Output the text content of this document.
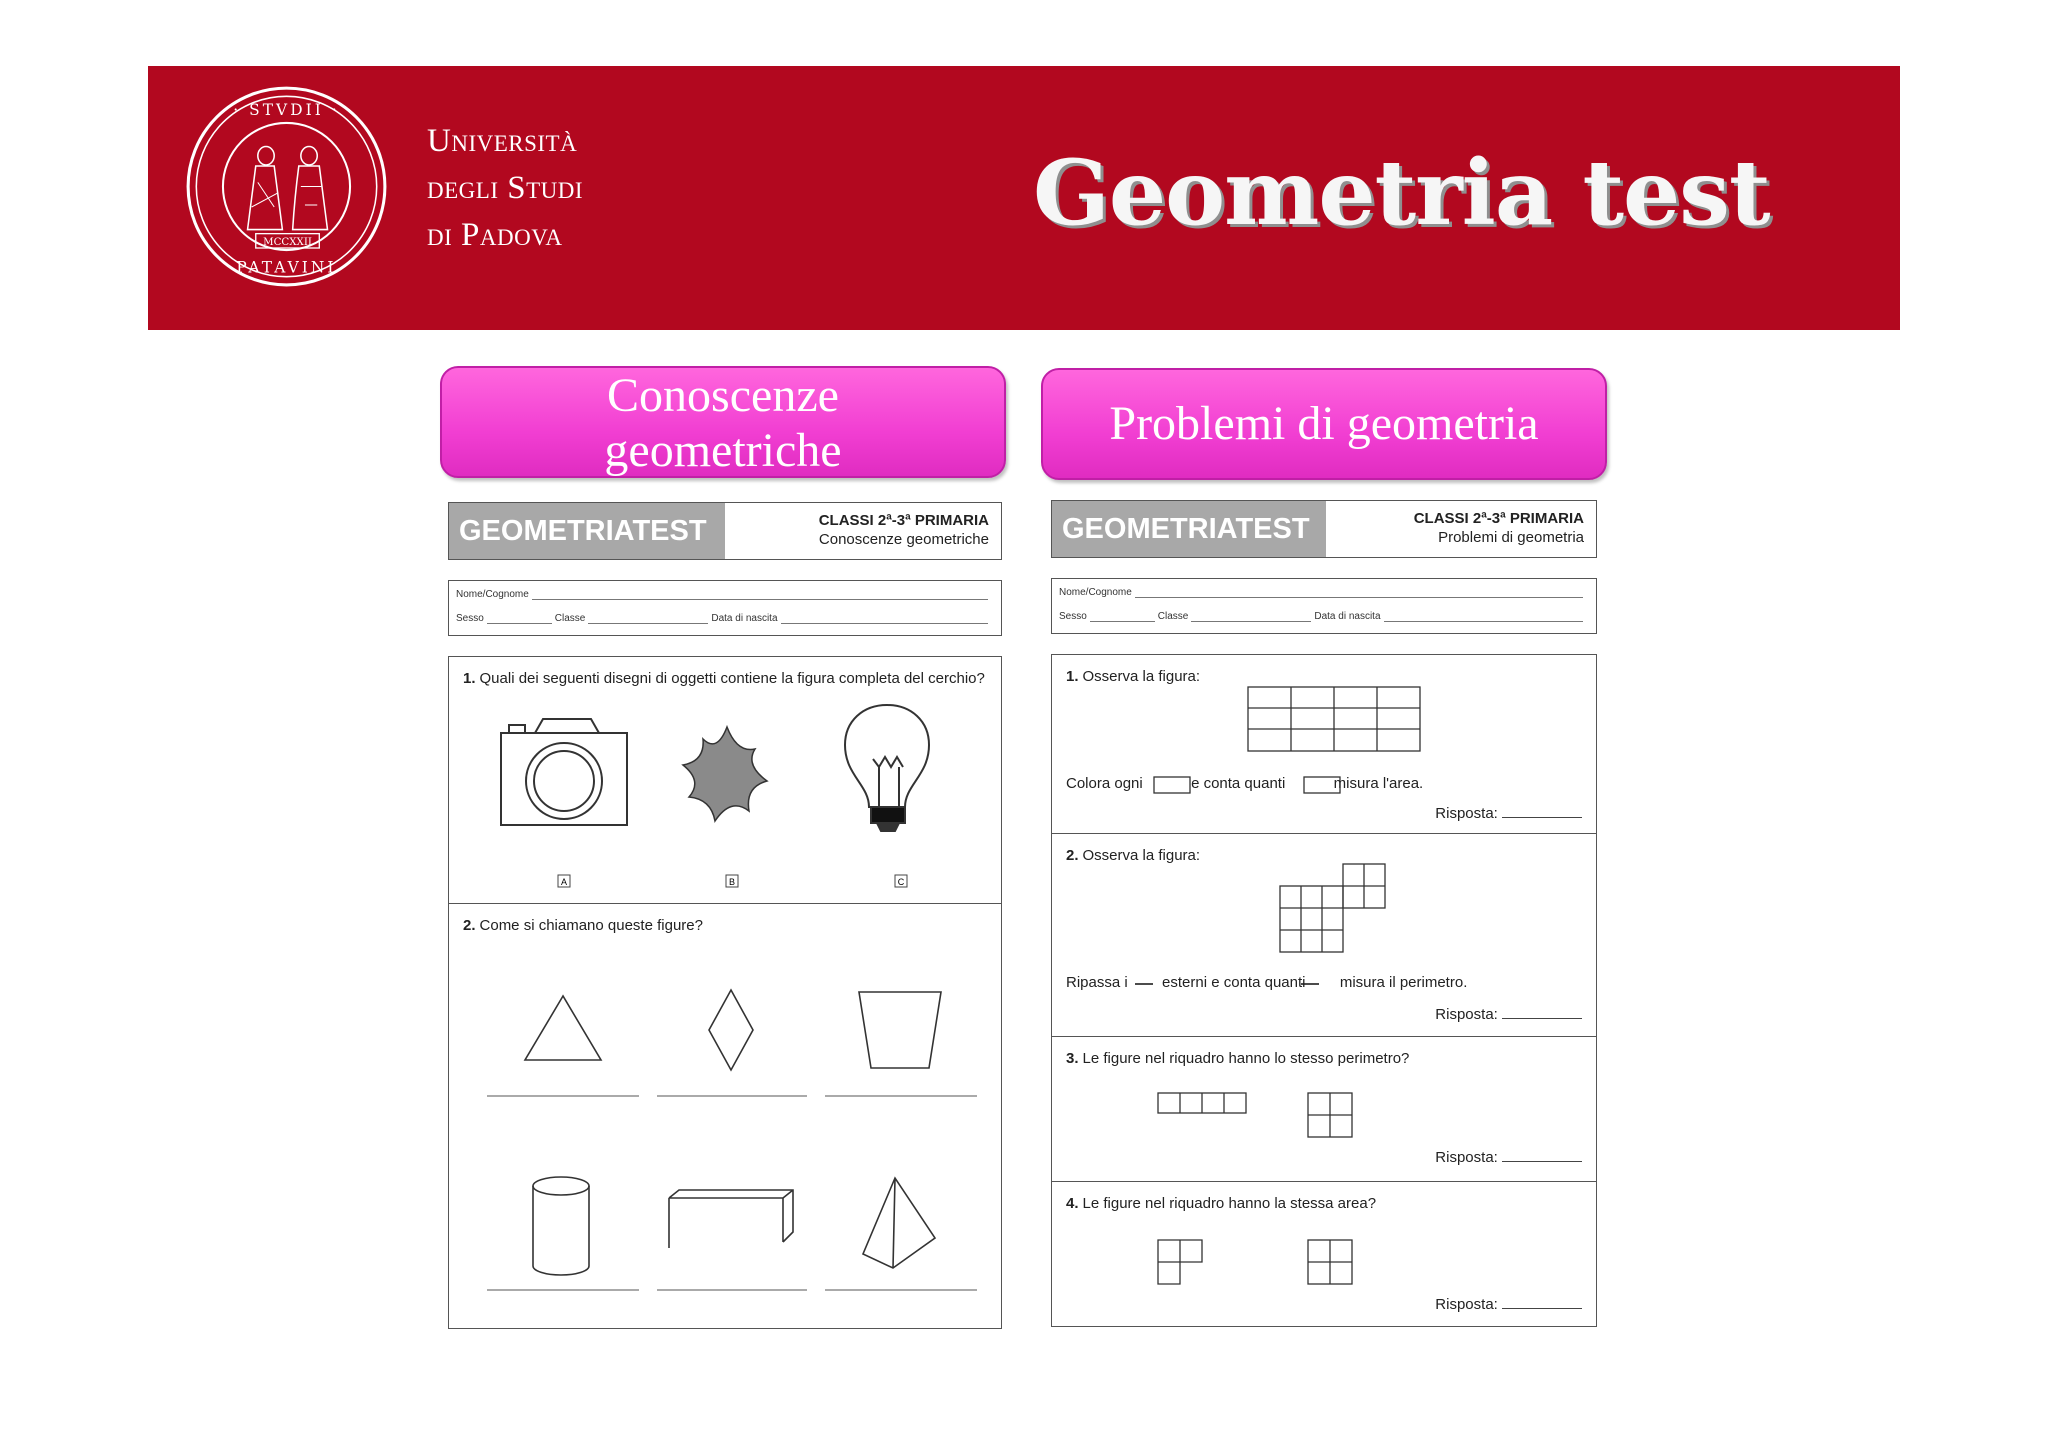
· STVDII ·
PATAVINI
MCCXXII
Università
degli Studi
di Padova	Geometria test
Conoscenze
geometriche
Problemi di geometria
GEOMETRIATEST	CLASSI 2ª-3ª PRIMARIA
Conoscenze geometriche
Nome/Cognome
Sesso	Classe	Data di nascita
1. Quali dei seguenti disegni di oggetti contiene la figura completa del cerchio?
A	B	C
2. Come si chiamano queste figure?
GEOMETRIATEST	CLASSI 2ª-3ª PRIMARIA
Problemi di geometria
Nome/Cognome
Sesso	Classe	Data di nascita
1. Osserva la figura:
Colora ogni	e conta quanti	misura l'area.
Risposta:
2. Osserva la figura:
Ripassa i esterni e conta quanti misura il perimetro.
Risposta:
3. Le figure nel riquadro hanno lo stesso perimetro?
Risposta:
4. Le figure nel riquadro hanno la stessa area?
Risposta:
